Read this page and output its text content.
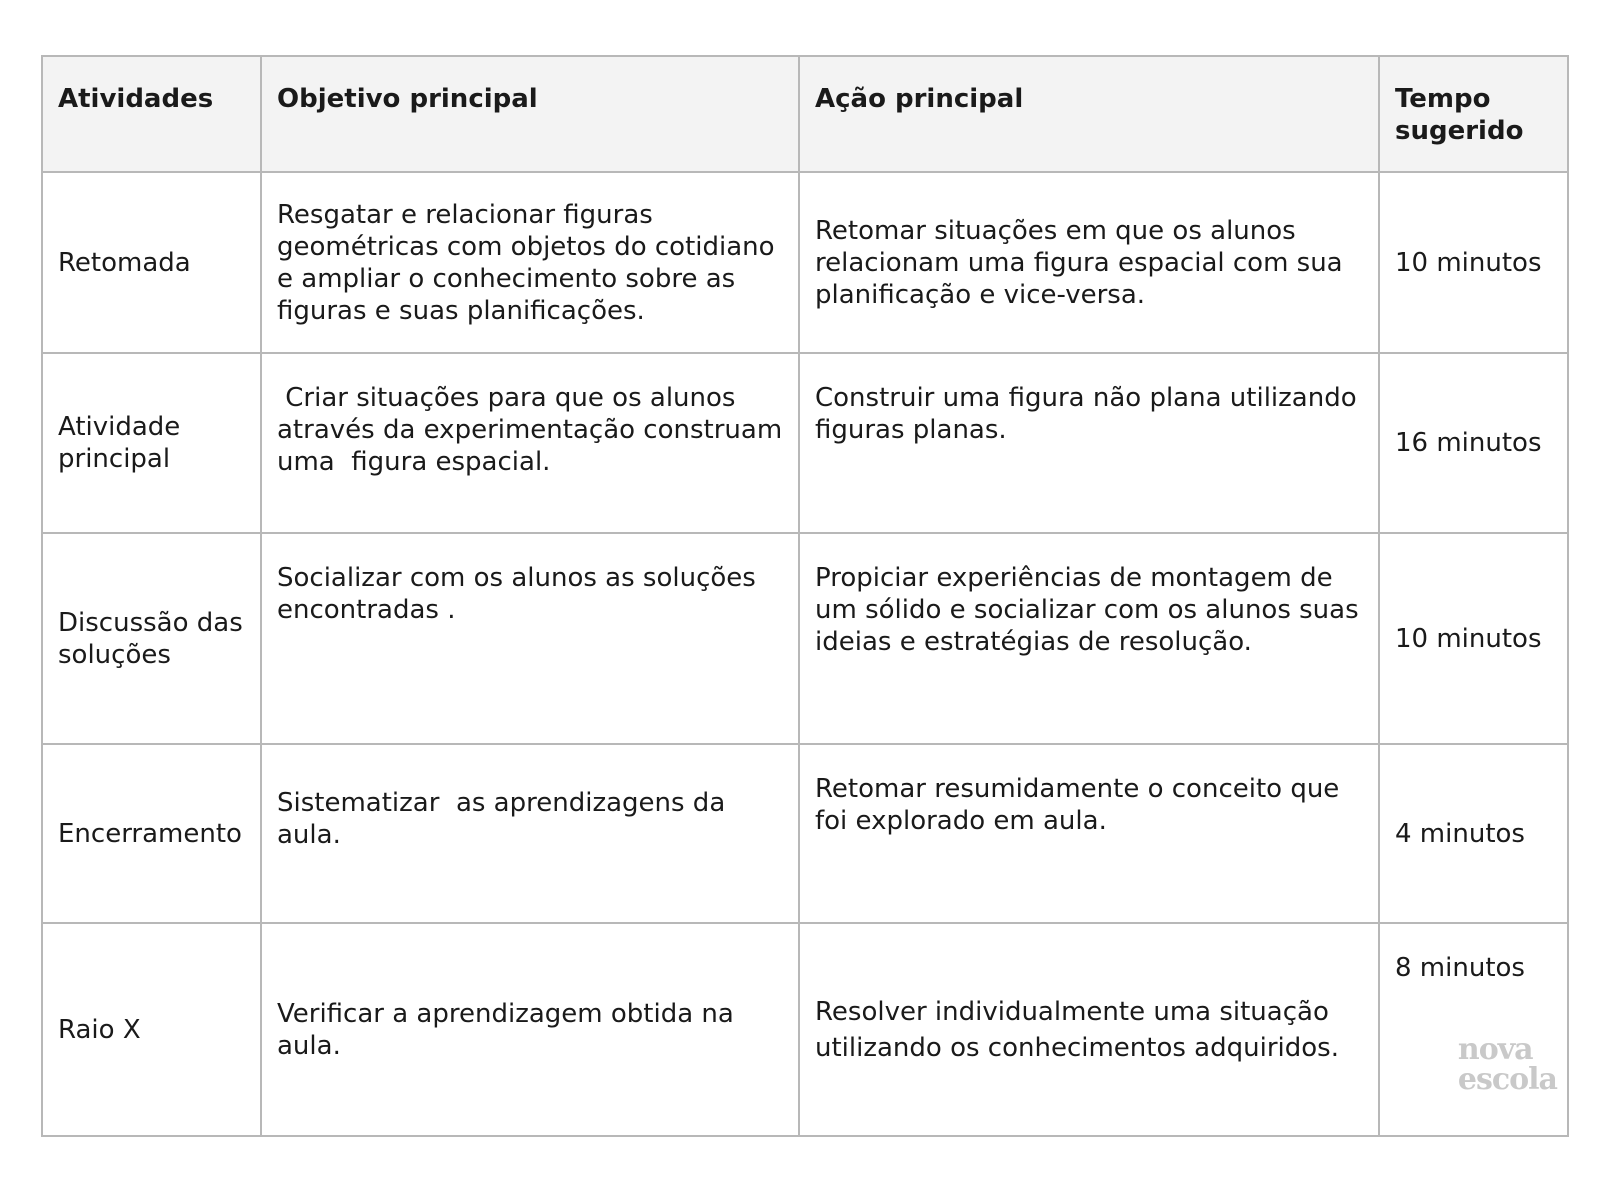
Atividades	Objetivo principal	Ação principal	Tempo sugerido
Retomada	Resgatar e relacionar figuras geométricas com objetos do cotidiano e ampliar o conhecimento sobre as figuras e suas planificações.	Retomar situações em que os alunos relacionam uma figura espacial com sua planificação e vice-versa.	10 minutos
Atividade principal	Criar situações para que os alunos através da experimentação construam uma  figura espacial.	Construir uma figura não plana utilizando figuras planas.	16 minutos
Discussão das soluções	Socializar com os alunos as soluções encontradas .	Propiciar experiências de montagem de um sólido e socializar com os alunos suas ideias e estratégias de resolução.	10 minutos
Encerramento	Sistematizar  as aprendizagens da aula.	Retomar resumidamente o conceito que foi explorado em aula.	4 minutos
Raio X	Verificar a aprendizagem obtida na aula.	Resolver individualmente uma situação utilizando os conhecimentos adquiridos.	8 minutos
nova
escola
